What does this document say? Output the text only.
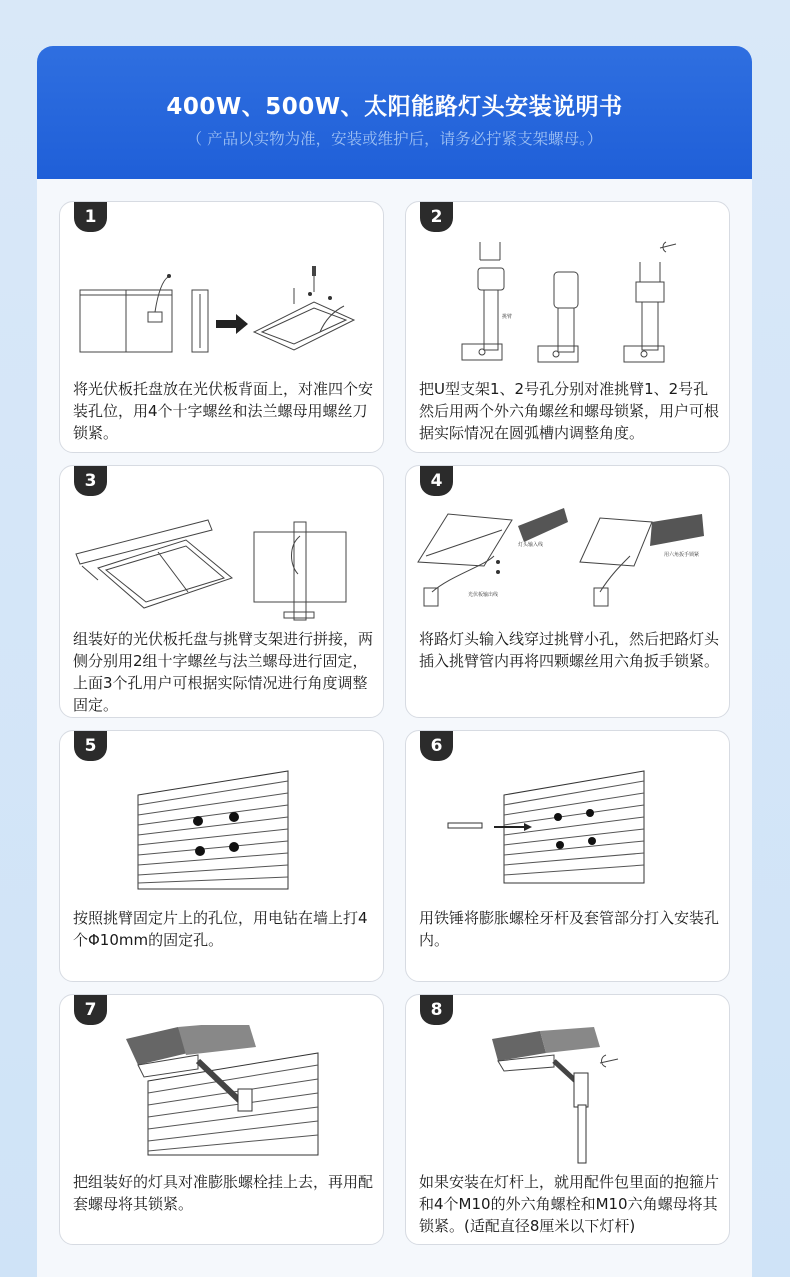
400W、500W、太阳能路灯头安装说明书
（ 产品以实物为准，安装或维护后，请务必拧紧支架螺母。）
1
将光伏板托盘放在光伏板背面上，对准四个安装孔位，用4个十字螺丝和法兰螺母用螺丝刀锁紧。
2
挑臂
把U型支架1、2号孔分别对准挑臂1、2号孔然后用两个外六角螺丝和螺母锁紧，用户可根据实际情况在圆弧槽内调整角度。
3
组装好的光伏板托盘与挑臂支架进行拼接，两侧分别用2组十字螺丝与法兰螺母进行固定，上面3个孔用户可根据实际情况进行角度调整固定。
4
灯头输入线
光伏板输出线
用六角扳手锁紧
将路灯头输入线穿过挑臂小孔，然后把路灯头插入挑臂管内再将四颗螺丝用六角扳手锁紧。
5
按照挑臂固定片上的孔位，用电钻在墙上打4个Φ10mm的固定孔。
6
用铁锤将膨胀螺栓牙杆及套管部分打入安装孔内。
7
把组装好的灯具对准膨胀螺栓挂上去，再用配套螺母将其锁紧。
8
如果安装在灯杆上，就用配件包里面的抱箍片和4个M10的外六角螺栓和M10六角螺母将其锁紧。(适配直径8厘米以下灯杆)
